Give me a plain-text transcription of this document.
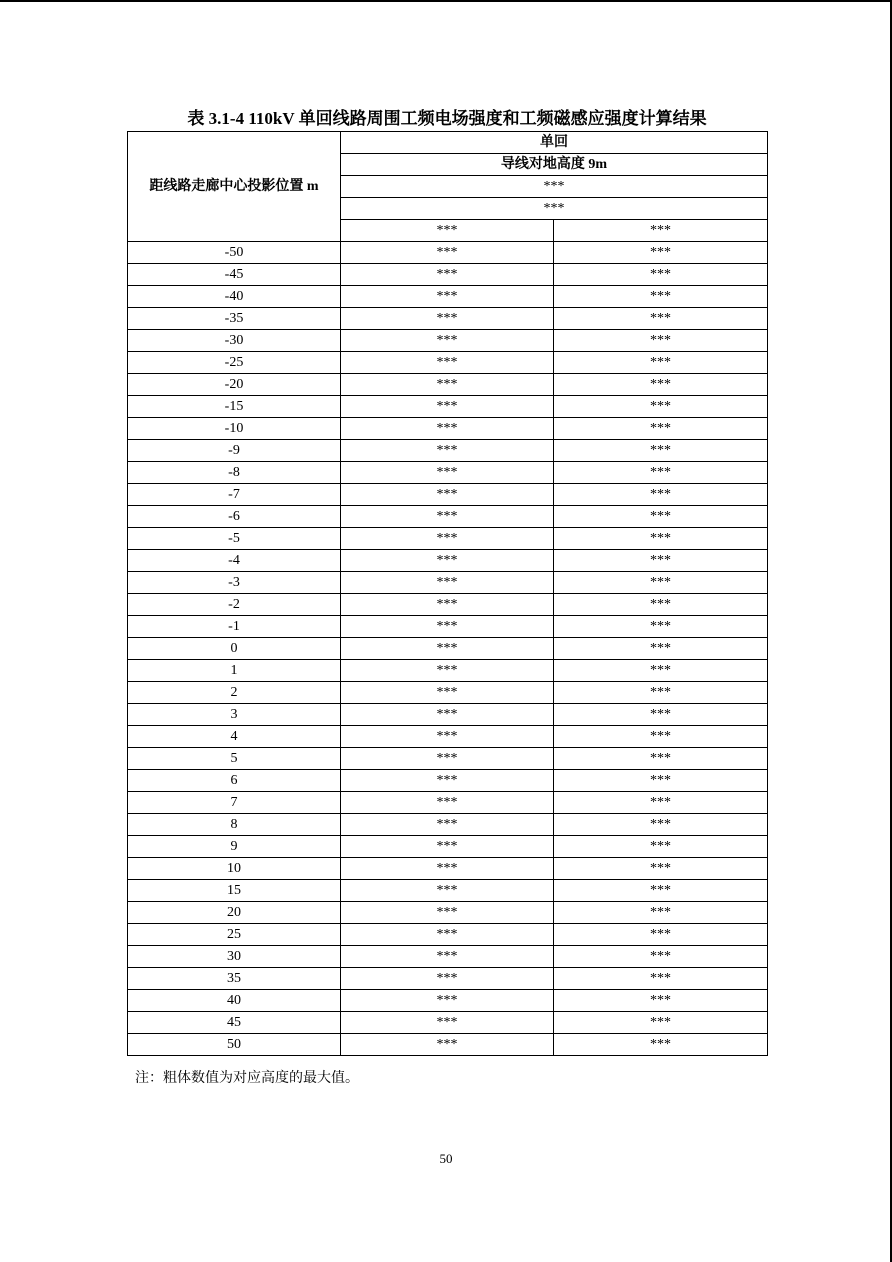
表 3.1-4 110kV 单回线路周围工频电场强度和工频磁感应强度计算结果
距线路走廊中心投影位置 m	单回	
	导线对地高度 9m	
	***	
	***	
	***	***
-50	***	***
-45	***	***
-40	***	***
-35	***	***
-30	***	***
-25	***	***
-20	***	***
-15	***	***
-10	***	***
-9	***	***
-8	***	***
-7	***	***
-6	***	***
-5	***	***
-4	***	***
-3	***	***
-2	***	***
-1	***	***
0	***	***
1	***	***
2	***	***
3	***	***
4	***	***
5	***	***
6	***	***
7	***	***
8	***	***
9	***	***
10	***	***
15	***	***
20	***	***
25	***	***
30	***	***
35	***	***
40	***	***
45	***	***
50	***	***
注：粗体数值为对应高度的最大值。
50
